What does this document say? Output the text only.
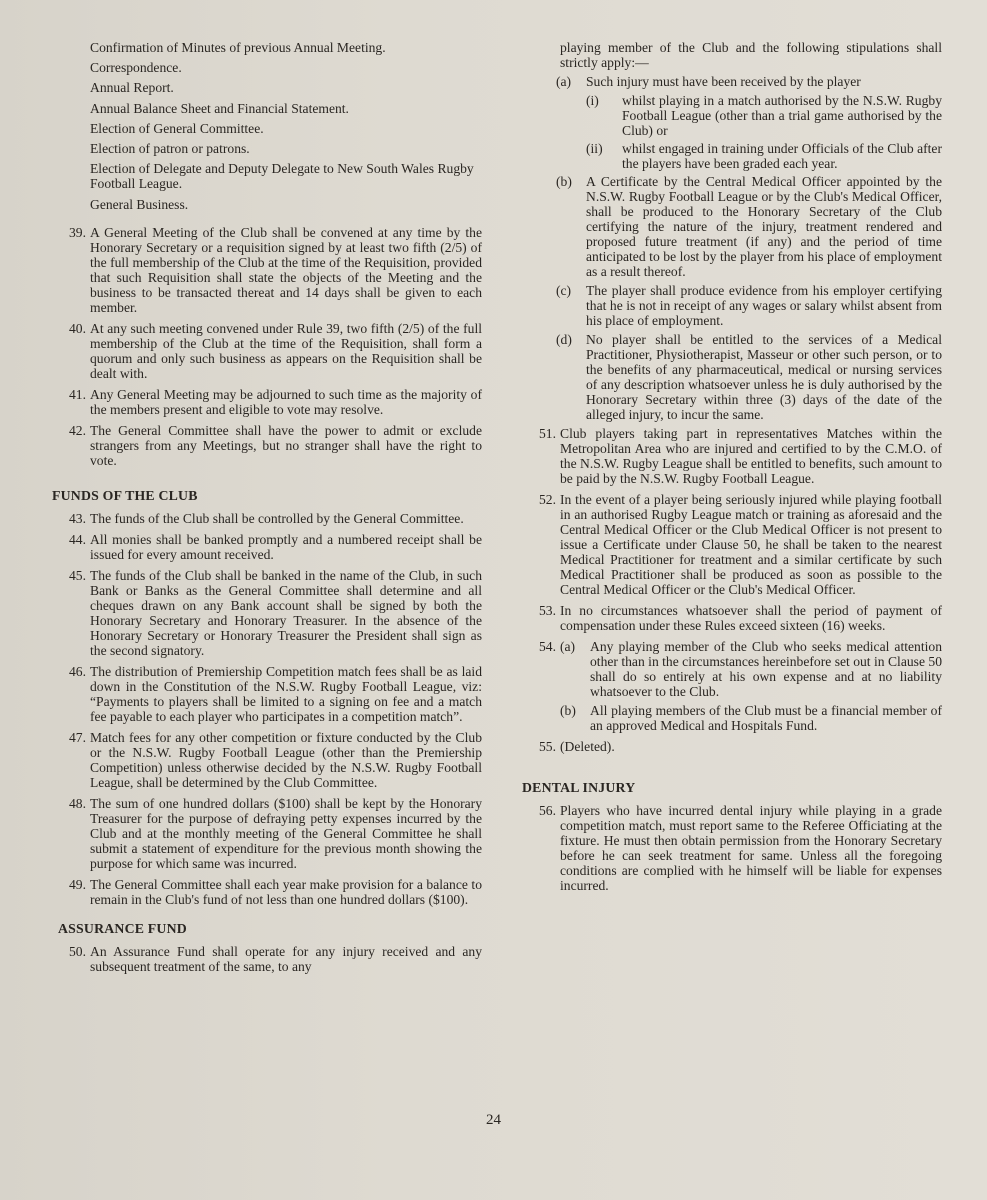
Confirmation of Minutes of previous Annual Meeting.
Correspondence.
Annual Report.
Annual Balance Sheet and Financial Statement.
Election of General Committee.
Election of patron or patrons.
Election of Delegate and Deputy Delegate to New South Wales Rugby Football League.
General Business.
39. A General Meeting of the Club shall be convened at any time by the Honorary Secretary or a requisition signed by at least two fifth (2/5) of the full membership of the Club at the time of the Requisition, provided that such Requisition shall state the objects of the Meeting and the business to be transacted thereat and 14 days shall be given to each member.
40. At any such meeting convened under Rule 39, two fifth (2/5) of the full membership of the Club at the time of the Requisition, shall form a quorum and only such business as appears on the Requisition shall be dealt with.
41. Any General Meeting may be adjourned to such time as the majority of the members present and eligible to vote may resolve.
42. The General Committee shall have the power to admit or exclude strangers from any Meetings, but no stranger shall have the right to vote.
FUNDS OF THE CLUB
43. The funds of the Club shall be controlled by the General Committee.
44. All monies shall be banked promptly and a numbered receipt shall be issued for every amount received.
45. The funds of the Club shall be banked in the name of the Club, in such Bank or Banks as the General Committee shall determine and all cheques drawn on any Bank account shall be signed by both the Honorary Secretary and Honorary Treasurer. In the absence of the Honorary Secretary or Honorary Treasurer the President shall sign as the second signatory.
46. The distribution of Premiership Competition match fees shall be as laid down in the Constitution of the N.S.W. Rugby Football League, viz: “Payments to players shall be limited to a signing on fee and a match fee payable to each player who participates in a competition match”.
47. Match fees for any other competition or fixture conducted by the Club or the N.S.W. Rugby Football League (other than the Premiership Competition) unless otherwise decided by the N.S.W. Rugby Football League, shall be determined by the Club Committee.
48. The sum of one hundred dollars ($100) shall be kept by the Honorary Treasurer for the purpose of defraying petty expenses incurred by the Club and at the monthly meeting of the General Committee he shall submit a statement of expenditure for the previous month showing the purpose for which same was incurred.
49. The General Committee shall each year make provision for a balance to remain in the Club's fund of not less than one hundred dollars ($100).
ASSURANCE FUND
50. An Assurance Fund shall operate for any injury received and any subsequent treatment of the same, to any
playing member of the Club and the following stipulations shall strictly apply:—
(a) Such injury must have been received by the player
(i) whilst playing in a match authorised by the N.S.W. Rugby Football League (other than a trial game authorised by the Club) or
(ii) whilst engaged in training under Officials of the Club after the players have been graded each year.
(b) A Certificate by the Central Medical Officer appointed by the N.S.W. Rugby Football League or by the Club's Medical Officer, shall be produced to the Honorary Secretary of the Club certifying the nature of the injury, treatment rendered and proposed future treatment (if any) and the period of time anticipated to be lost by the player from his place of employment as a result thereof.
(c) The player shall produce evidence from his employer certifying that he is not in receipt of any wages or salary whilst absent from his place of employment.
(d) No player shall be entitled to the services of a Medical Practitioner, Physiotherapist, Masseur or other such person, or to the benefits of any pharmaceutical, medical or nursing services of any description whatsoever unless he is duly authorised by the Honorary Secretary within three (3) days of the date of the alleged injury, to incur the same.
51. Club players taking part in representatives Matches within the Metropolitan Area who are injured and certified to by the C.M.O. of the N.S.W. Rugby League shall be entitled to benefits, such amount to be paid by the N.S.W. Rugby Football League.
52. In the event of a player being seriously injured while playing football in an authorised Rugby League match or training as aforesaid and the Central Medical Officer or the Club Medical Officer is not present to issue a Certificate under Clause 50, he shall be taken to the nearest Medical Practitioner for treatment and a similar certificate by such Medical Practitioner shall be produced as soon as possible to the Central Medical Officer or the Club's Medical Officer.
53. In no circumstances whatsoever shall the period of payment of compensation under these Rules exceed sixteen (16) weeks.
54. (a) Any playing member of the Club who seeks medical attention other than in the circumstances hereinbefore set out in Clause 50 shall do so entirely at his own expense and at no liability whatsoever to the Club.
(b) All playing members of the Club must be a financial member of an approved Medical and Hospitals Fund.
55. (Deleted).
DENTAL INJURY
56. Players who have incurred dental injury while playing in a grade competition match, must report same to the Referee Officiating at the fixture. He must then obtain permission from the Honorary Secretary before he can seek treatment for same. Unless all the foregoing conditions are complied with he himself will be liable for expenses incurred.
24
